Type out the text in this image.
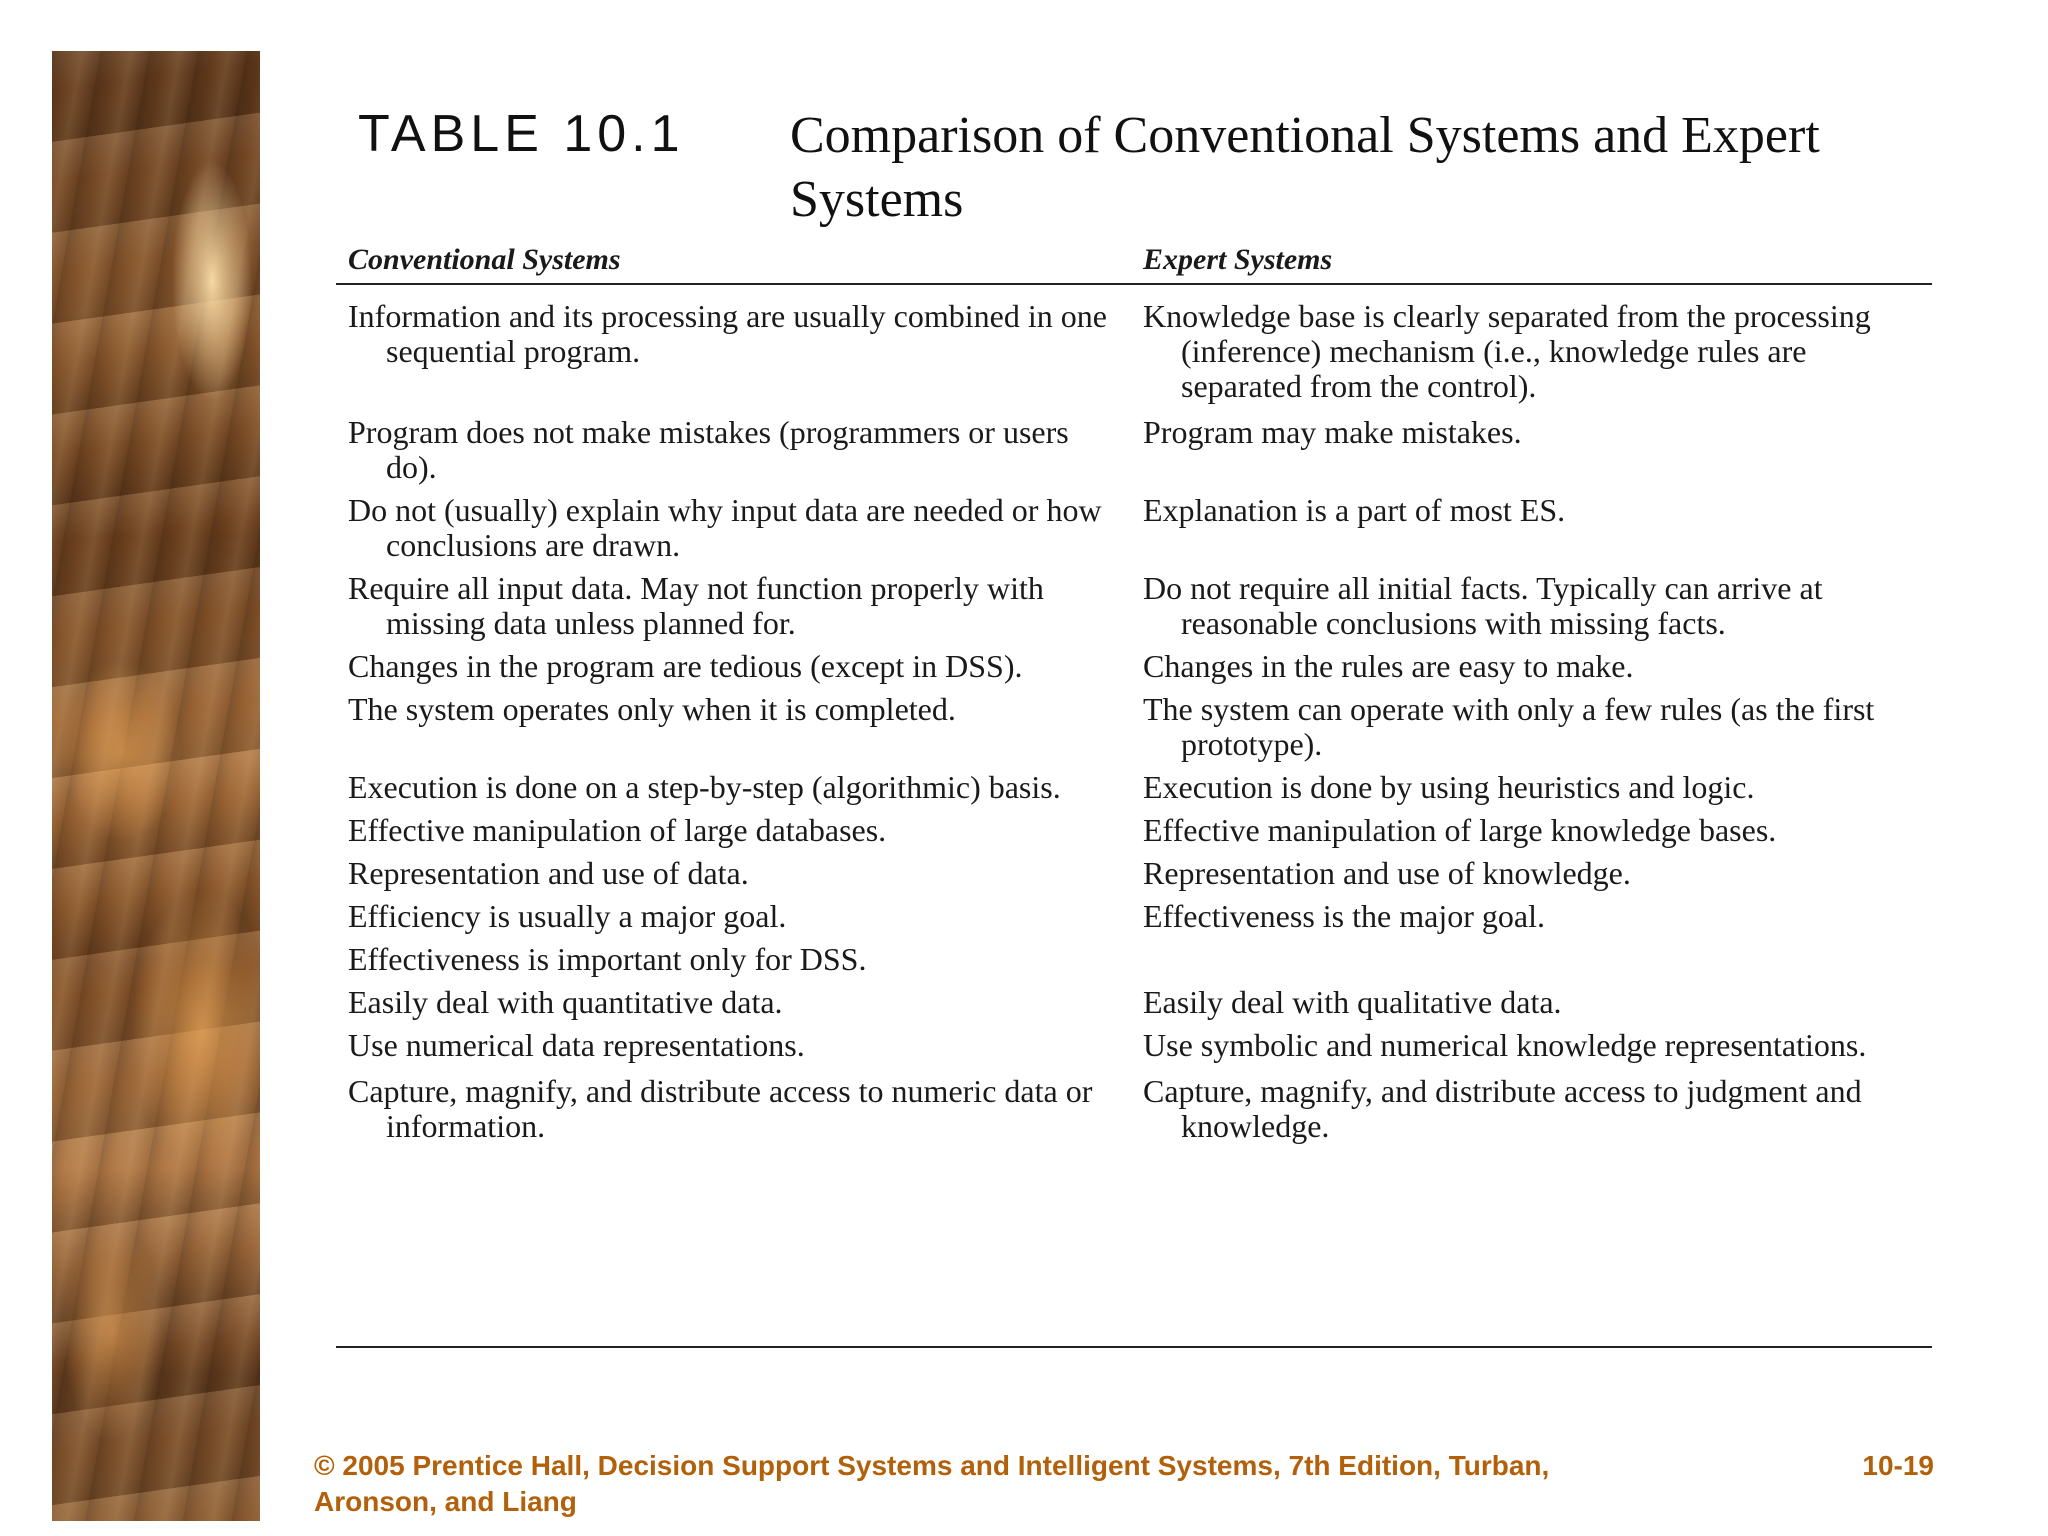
TABLE 10.1 Comparison of Conventional Systems and Expert Systems
Conventional Systems	Expert Systems

Information and its processing are usually combined in one sequential program.	Knowledge base is clearly separated from the processing (inference) mechanism (i.e., knowledge rules are separated from the control).

Program does not make mistakes (programmers or users do).	Program may make mistakes.

Do not (usually) explain why input data are needed or how conclusions are drawn.	Explanation is a part of most ES.

Require all input data. May not function properly with missing data unless planned for.	Do not require all initial facts. Typically can arrive at reasonable conclusions with missing facts.

Changes in the program are tedious (except in DSS).	Changes in the rules are easy to make.

The system operates only when it is completed.	The system can operate with only a few rules (as the first prototype).

Execution is done on a step-by-step (algorithmic) basis.	Execution is done by using heuristics and logic.

Effective manipulation of large databases.	Effective manipulation of large knowledge bases.

Representation and use of data.	Representation and use of knowledge.

Efficiency is usually a major goal.	Effectiveness is the major goal.

Effectiveness is important only for DSS.	

Easily deal with quantitative data.	Easily deal with qualitative data.

Use numerical data representations.	Use symbolic and numerical knowledge representations.

Capture, magnify, and distribute access to numeric data or information.	Capture, magnify, and distribute access to judgment and knowledge.
© 2005 Prentice Hall, Decision Support Systems and Intelligent Systems, 7th Edition, Turban, Aronson, and Liang
10-19
